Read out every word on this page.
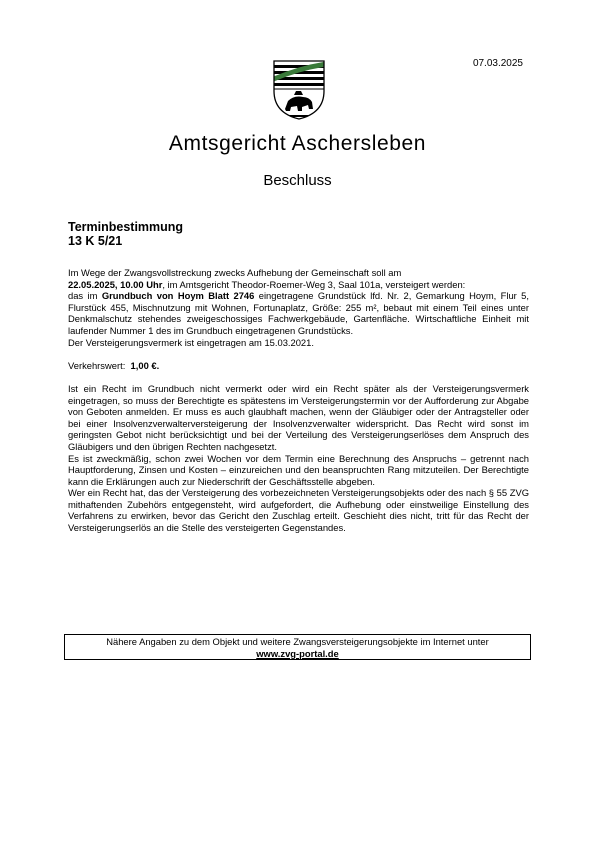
07.03.2025
Amtsgericht Aschersleben
Beschluss
Terminbestimmung
13 K 5/21

Im Wege der Zwangsvollstreckung zwecks Aufhebung der Gemeinschaft soll am

22.05.2025, 10.00 Uhr, im Amtsgericht Theodor-Roemer-Weg 3, Saal 101a, versteigert werden:

das im Grundbuch von Hoym Blatt 2746 eingetragene Grundstück lfd. Nr. 2, Gemarkung Hoym, Flur 5, Flurstück 455, Mischnutzung mit Wohnen, Fortunaplatz, Größe: 255 m², bebaut mit einem Teil eines unter Denkmalschutz stehendes zweigeschossiges Fachwerkgebäude, Gartenfläche. Wirtschaftliche Einheit mit laufender Nummer 1 des im Grundbuch eingetragenen Grundstücks.

Der Versteigerungsvermerk ist eingetragen am 15.03.2021.

Verkehrswert: 1,00 €.

Ist ein Recht im Grundbuch nicht vermerkt oder wird ein Recht später als der Versteigerungsvermerk eingetragen, so muss der Berechtigte es spätestens im Versteigerungstermin vor der Aufforderung zur Abgabe von Geboten anmelden. Er muss es auch glaubhaft machen, wenn der Gläubiger oder der Antragsteller oder bei einer Insolvenzverwalterversteigerung der Insolvenzverwalter widerspricht. Das Recht wird sonst im geringsten Gebot nicht berücksichtigt und bei der Verteilung des Versteigerungserlöses dem Anspruch des Gläubigers und den übrigen Rechten nachgesetzt.

Es ist zweckmäßig, schon zwei Wochen vor dem Termin eine Berechnung des Anspruchs – getrennt nach Hauptforderung, Zinsen und Kosten – einzureichen und den beanspruchten Rang mitzuteilen. Der Berechtigte kann die Erklärungen auch zur Niederschrift der Geschäftsstelle abgeben.

Wer ein Recht hat, das der Versteigerung des vorbezeichneten Versteigerungsobjekts oder des nach § 55 ZVG mithaftenden Zubehörs entgegensteht, wird aufgefordert, die Aufhebung oder einstweilige Einstellung des Verfahrens zu erwirken, bevor das Gericht den Zuschlag erteilt. Geschieht dies nicht, tritt für das Recht der Versteigerungserlös an die Stelle des versteigerten Gegenstandes.

Nähere Angaben zu dem Objekt und weitere Zwangsversteigerungsobjekte im Internet unter
www.zvg-portal.de
